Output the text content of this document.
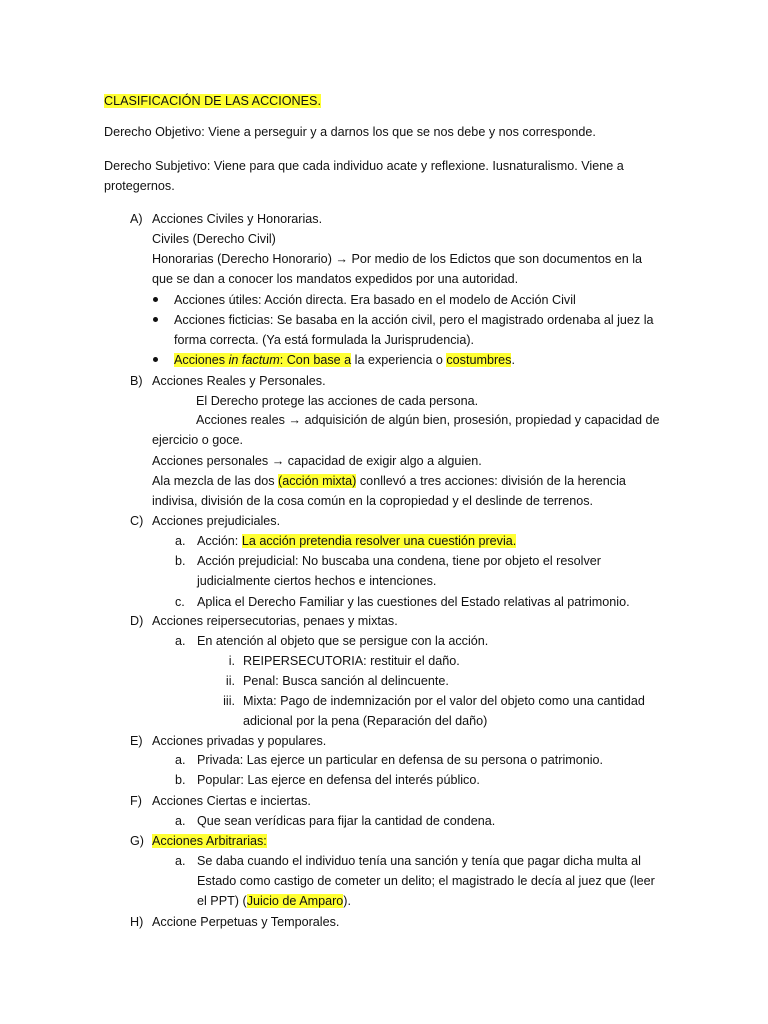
CLASIFICACIÓN DE LAS ACCIONES.
Derecho Objetivo: Viene a perseguir y a darnos los que se nos debe y nos corresponde.
Derecho Subjetivo: Viene para que cada individuo acate y reflexione. Iusnaturalismo. Viene a
protegernos.
A) Acciones Civiles y Honorarias.
Civiles (Derecho Civil)
Honorarias (Derecho Honorario) → Por medio de los Edictos que son documentos en la
que se dan a conocer los mandatos expedidos por una autoridad.
Acciones útiles: Acción directa. Era basado en el modelo de Acción Civil
Acciones ficticias: Se basaba en la acción civil, pero el magistrado ordenaba al juez la
forma correcta. (Ya está formulada la Jurisprudencia).
Acciones in factum: Con base a la experiencia o costumbres.
B) Acciones Reales y Personales.
El Derecho protege las acciones de cada persona.
Acciones reales → adquisición de algún bien, prosesión, propiedad y capacidad de
ejercicio o goce.
Acciones personales → capacidad de exigir algo a alguien.
Ala mezcla de las dos (acción mixta) conllevó a tres acciones: división de la herencia
indivisa, división de la cosa común en la copropiedad y el deslinde de terrenos.
C) Acciones prejudiciales.
a. Acción: La acción pretendia resolver una cuestión previa.
b. Acción prejudicial: No buscaba una condena, tiene por objeto el resolver
judicialmente ciertos hechos e intenciones.
c. Aplica el Derecho Familiar y las cuestiones del Estado relativas al patrimonio.
D) Acciones reipersecutorias, penaes y mixtas.
a. En atención al objeto que se persigue con la acción.
i. REIPERSECUTORIA: restituir el daño.
ii. Penal: Busca sanción al delincuente.
iii. Mixta: Pago de indemnización por el valor del objeto como una cantidad
adicional por la pena (Reparación del daño)
E) Acciones privadas y populares.
a. Privada: Las ejerce un particular en defensa de su persona o patrimonio.
b. Popular: Las ejerce en defensa del interés público.
F) Acciones Ciertas e inciertas.
a. Que sean verídicas para fijar la cantidad de condena.
G) Acciones Arbitrarias:
a. Se daba cuando el individuo tenía una sanción y tenía que pagar dicha multa al
Estado como castigo de cometer un delito; el magistrado le decía al juez que (leer
el PPT) (Juicio de Amparo).
H) Accione Perpetuas y Temporales.
